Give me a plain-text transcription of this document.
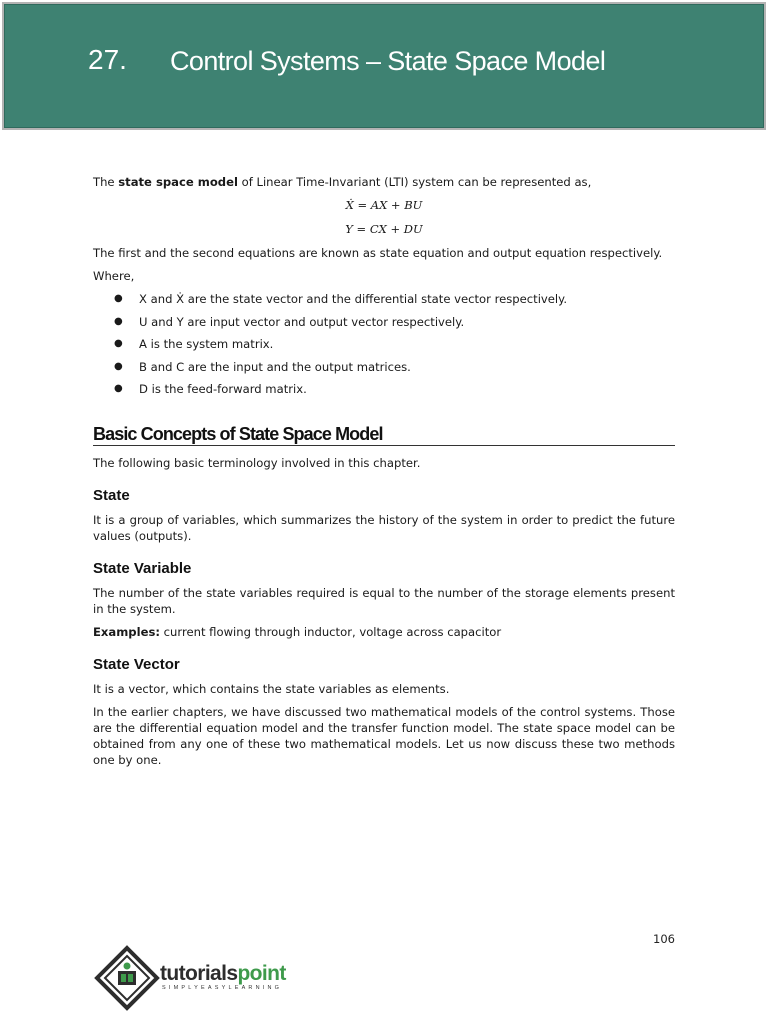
27. Control Systems – State Space Model

The state space model of Linear Time-Invariant (LTI) system can be represented as,

Ẋ = AX + BU
Y = CX + DU

The first and the second equations are known as state equation and output equation respectively.

Where,

● X and Ẋ are the state vector and the differential state vector respectively.
● U and Y are input vector and output vector respectively.
● A is the system matrix.
● B and C are the input and the output matrices.
● D is the feed-forward matrix.
Basic Concepts of State Space Model

The following basic terminology involved in this chapter.

State

It is a group of variables, which summarizes the history of the system in order to predict the future values (outputs).

State Variable

The number of the state variables required is equal to the number of the storage elements present in the system.

Examples: current flowing through inductor, voltage across capacitor

State Vector

It is a vector, which contains the state variables as elements.

In the earlier chapters, we have discussed two mathematical models of the control systems. Those are the differential equation model and the transfer function model. The state space model can be obtained from any one of these two mathematical models. Let us now discuss these two methods one by one.

106
tutorialspoint
SIMPLYEASYLEARNING
